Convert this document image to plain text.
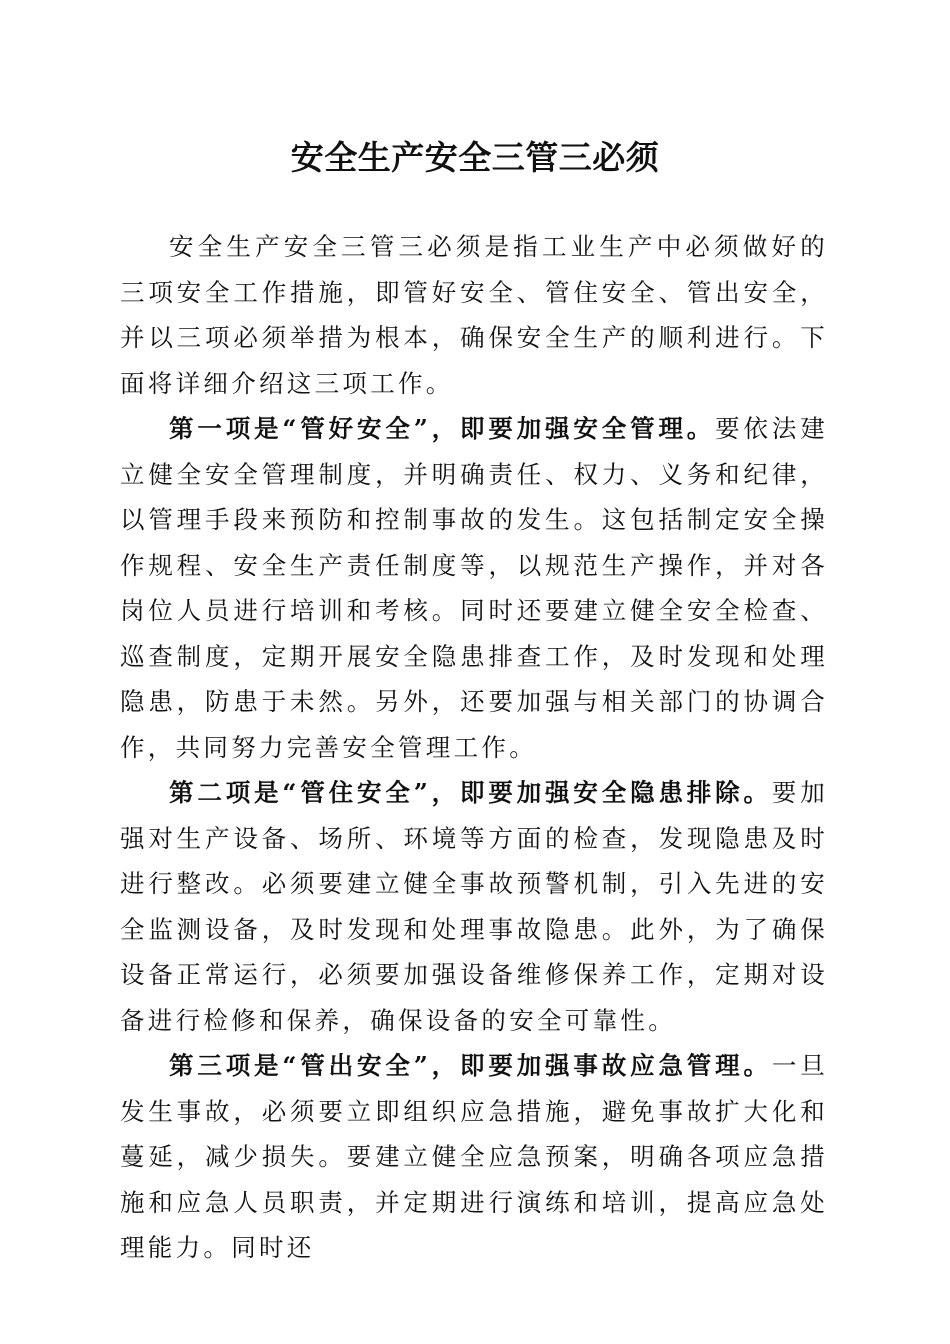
安全生产安全三管三必须

安全生产安全三管三必须是指工业生产中必须做好的三项安全工作措施，即管好安全、管住安全、管出安全，并以三项必须举措为根本，确保安全生产的顺利进行。下面将详细介绍这三项工作。

第一项是“管好安全”，即要加强安全管理。要依法建立健全安全管理制度，并明确责任、权力、义务和纪律，以管理手段来预防和控制事故的发生。这包括制定安全操作规程、安全生产责任制度等，以规范生产操作，并对各岗位人员进行培训和考核。同时还要建立健全安全检查、巡查制度，定期开展安全隐患排查工作，及时发现和处理隐患，防患于未然。另外，还要加强与相关部门的协调合作，共同努力完善安全管理工作。

第二项是“管住安全”，即要加强安全隐患排除。要加强对生产设备、场所、环境等方面的检查，发现隐患及时进行整改。必须要建立健全事故预警机制，引入先进的安全监测设备，及时发现和处理事故隐患。此外，为了确保设备正常运行，必须要加强设备维修保养工作，定期对设备进行检修和保养，确保设备的安全可靠性。

第三项是“管出安全”，即要加强事故应急管理。一旦发生事故，必须要立即组织应急措施，避免事故扩大化和蔓延，减少损失。要建立健全应急预案，明确各项应急措施和应急人员职责，并定期进行演练和培训，提高应急处理能力。同时还
